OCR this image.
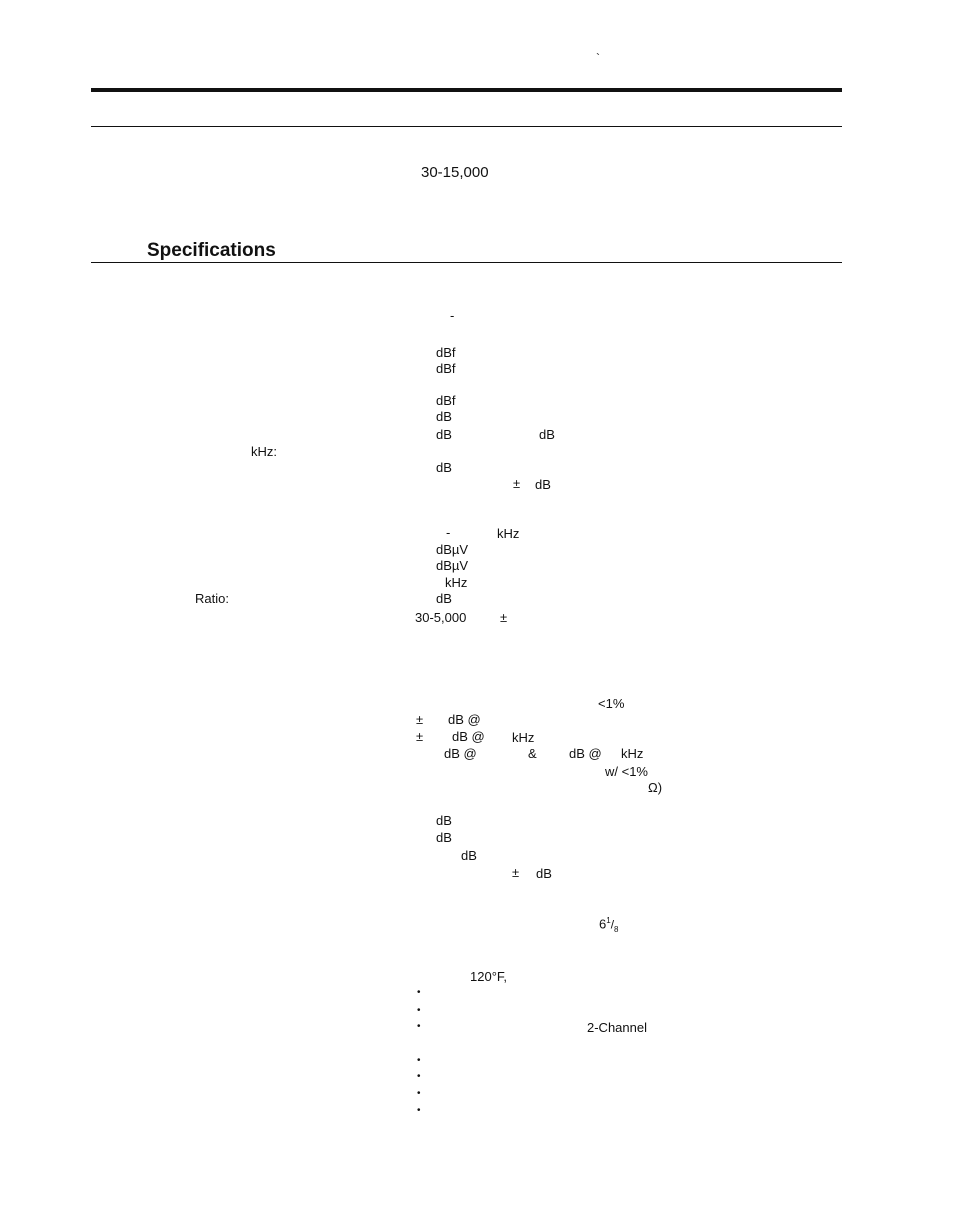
`
30-15,000
Specifications
-
dBf
dBf
dBf
dB
dB	dB
kHz:
dB
± dB
-	kHz
dBµV
dBµV
kHz
Ratio:	dB
30-5,000	±
<1%
± dB @
± dB @ kHz
dB @	& dB @ kHz
w/ <1%
Ω)
dB
dB
dB
± dB
$6^1/_8$
120°F,
•
•
•	2-Channel
•
•
•
•
